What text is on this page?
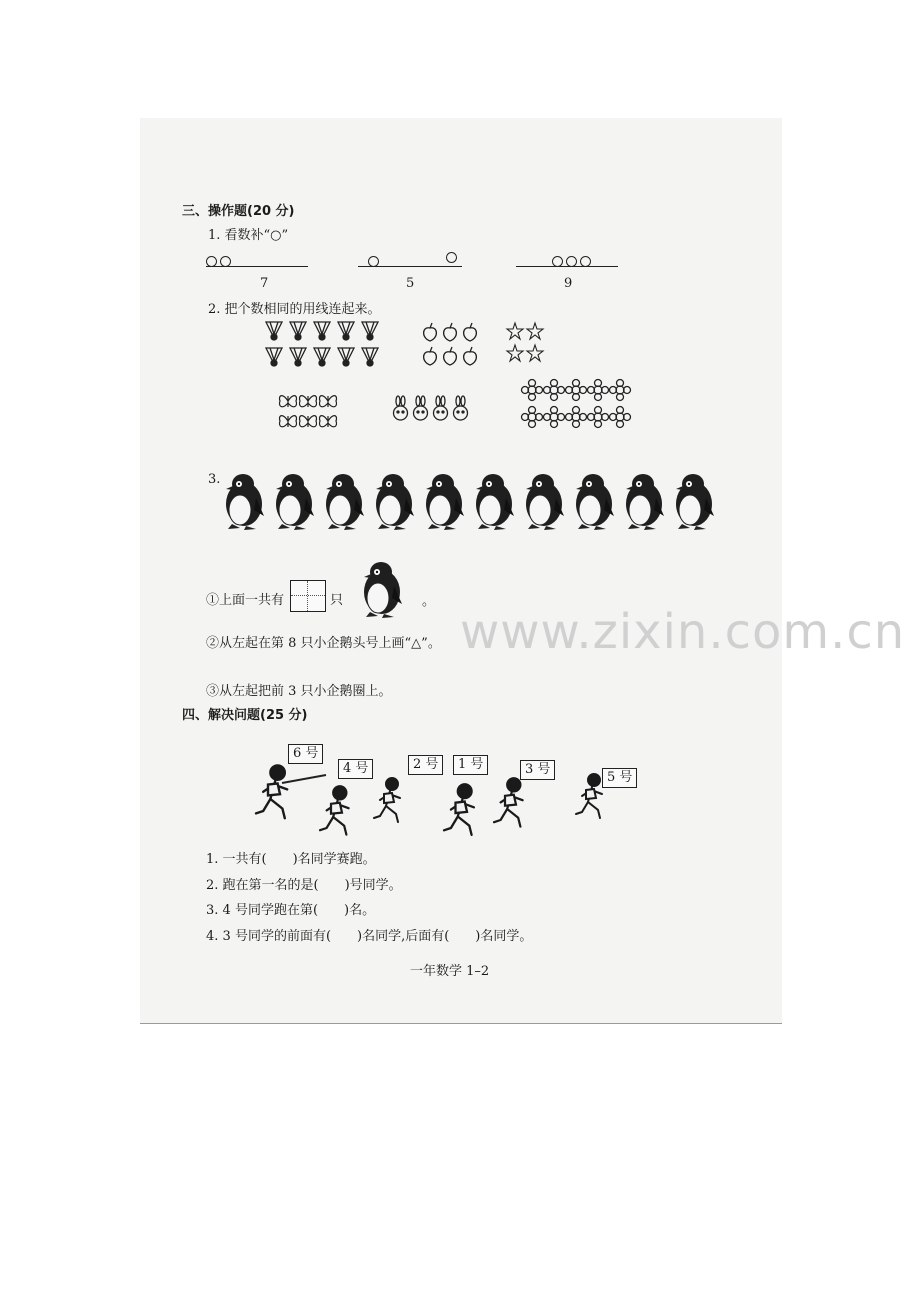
三、操作题(20 分)
1. 看数补“○”
7	5	9
2. 把个数相同的用线连起来。
3.
①上面一共有	只	。
②从左起在第 8 只小企鹅头号上画“△”。
③从左起把前 3 只小企鹅圈上。
四、解决问题(25 分)
6 号
4 号	2 号	1 号	3 号
5 号
1. 一共有(　　)名同学赛跑。
2. 跑在第一名的是(　　)号同学。
3. 4 号同学跑在第(　　)名。
4. 3 号同学的前面有(　　)名同学,后面有(　　)名同学。
一年数学 1–2
www.zixin.com.cn
